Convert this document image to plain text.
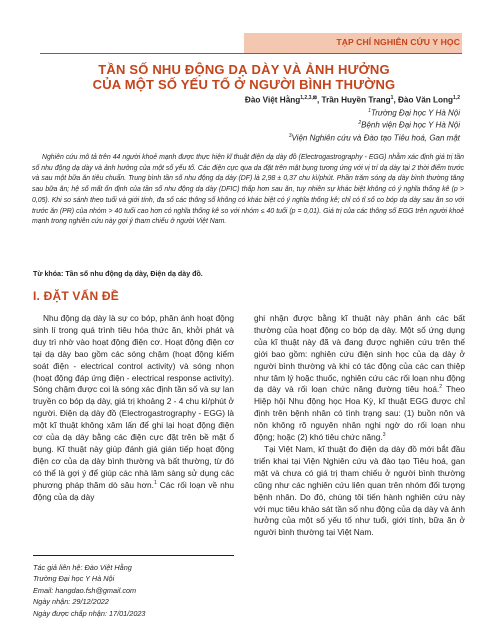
TẠP CHÍ NGHIÊN CỨU Y HỌC
TẦN SỐ NHU ĐỘNG DẠ DÀY VÀ ẢNH HƯỞNG
CỦA MỘT SỐ YẾU TỐ Ở NGƯỜI BÌNH THƯỜNG
Đào Việt Hằng$^{1,2,3,⊠}$, Trần Huyền Trang$^1$, Đào Văn Long$^{1,2}$
$^1$Trường Đại học Y Hà Nội
$^2$Bệnh viện Đại học Y Hà Nội
$^3$Viện Nghiên cứu và Đào tạo Tiêu hoá, Gan mật

Nghiên cứu mô tả trên 44 người khoẻ mạnh được thực hiện kĩ thuật điện dạ dày đồ (Electrogastrography - EGG) nhằm xác định giá trị tần số nhu động dạ dày và ảnh hưởng của một số yếu tố. Các điện cực qua da đặt trên mặt bụng tương ứng với vị trí dạ dày tại 2 thời điểm trước và sau một bữa ăn tiêu chuẩn. Trung bình tần số nhu động dạ dày (DF) là 2,98 ± 0,37 chu kì/phút. Phần trăm sóng dạ dày bình thường tăng sau bữa ăn; hệ số mất ổn định của tần số nhu động dạ dày (DFIC) thấp hơn sau ăn, tuy nhiên sự khác biệt không có ý nghĩa thống kê (p > 0,05). Khi so sánh theo tuổi và giới tính, đa số các thông số không có khác biệt có ý nghĩa thống kê; chỉ có tỉ số co bóp dạ dày sau ăn so với trước ăn (PR) của nhóm > 40 tuổi cao hơn có nghĩa thống kê so với nhóm ≤ 40 tuổi (p = 0,01). Giá trị của các thông số EGG trên người khoẻ mạnh trong nghiên cứu này gợi ý tham chiếu ở người Việt Nam.

Từ khóa: Tần số nhu động dạ dày, Điện dạ dày đồ.

I. ĐẶT VẤN ĐỀ

Nhu động dạ dày là sự co bóp, phân ánh hoạt động sinh lí trong quá trình tiêu hóa thức ăn, khởi phát và duy trì nhờ vào hoạt động điện cơ. Hoạt động điện cơ tại dạ dày bao gồm các sóng chậm (hoạt động kiểm soát điện - electrical control activity) và sóng nhọn (hoạt động đáp ứng điện - electrical response activity). Sóng chậm được coi là sóng xác định tần số và sự lan truyền co bóp dạ dày, giá trị khoảng 2 - 4 chu kì/phút ở người. Điện dạ dày đồ (Electrogastrography - EGG) là một kĩ thuật không xâm lấn để ghi lại hoạt động điện cơ của dạ dày bằng các điện cực đặt trên bề mặt ổ bụng. Kĩ thuật này giúp đánh giá gián tiếp hoạt động điện cơ của dạ dày bình thường và bất thường, từ đó có thể là gợi ý để giúp các nhà lâm sàng sử dụng các phương pháp thăm dò sâu hơn.$^1$ Các rối loạn về nhu động của dạ dày

ghi nhận được bằng kĩ thuật này phân ánh các bất thường của hoạt động co bóp dạ dày. Một số ứng dụng của kĩ thuật này đã và đang được nghiên cứu trên thế giới bao gồm: nghiên cứu điện sinh học của dạ dày ở người bình thường và khi có tác động của các can thiệp như tâm lý hoặc thuốc, nghiên cứu các rối loạn nhu động dạ dày và rối loạn chức năng đường tiêu hoá.$^2$ Theo Hiệp hội Nhu động học Hoa Kỳ, kĩ thuật EGG được chỉ định trên bệnh nhân có tình trạng sau: (1) buồn nôn và nôn không rõ nguyên nhân nghi ngờ do rối loạn nhu động; hoặc (2) khó tiêu chức năng.$^3$

Tại Việt Nam, kĩ thuật đo điện dạ dày đồ mới bắt đầu triển khai tại Viện Nghiên cứu và đào tạo Tiêu hoá, gan mật và chưa có giá trị tham chiếu ở người bình thường cũng như các nghiên cứu liên quan trên nhóm đối tượng bệnh nhân. Do đó, chúng tôi tiến hành nghiên cứu này với mục tiêu khảo sát tần số nhu động của dạ dày và ảnh hưởng của một số yếu tố như tuổi, giới tính, bữa ăn ở người bình thường tại Việt Nam.

Tác giả liên hệ: Đào Việt Hằng
Trường Đại học Y Hà Nội
Email: hangdao.fsh@gmail.com
Ngày nhận: 29/12/2022
Ngày được chấp nhận: 17/01/2023
